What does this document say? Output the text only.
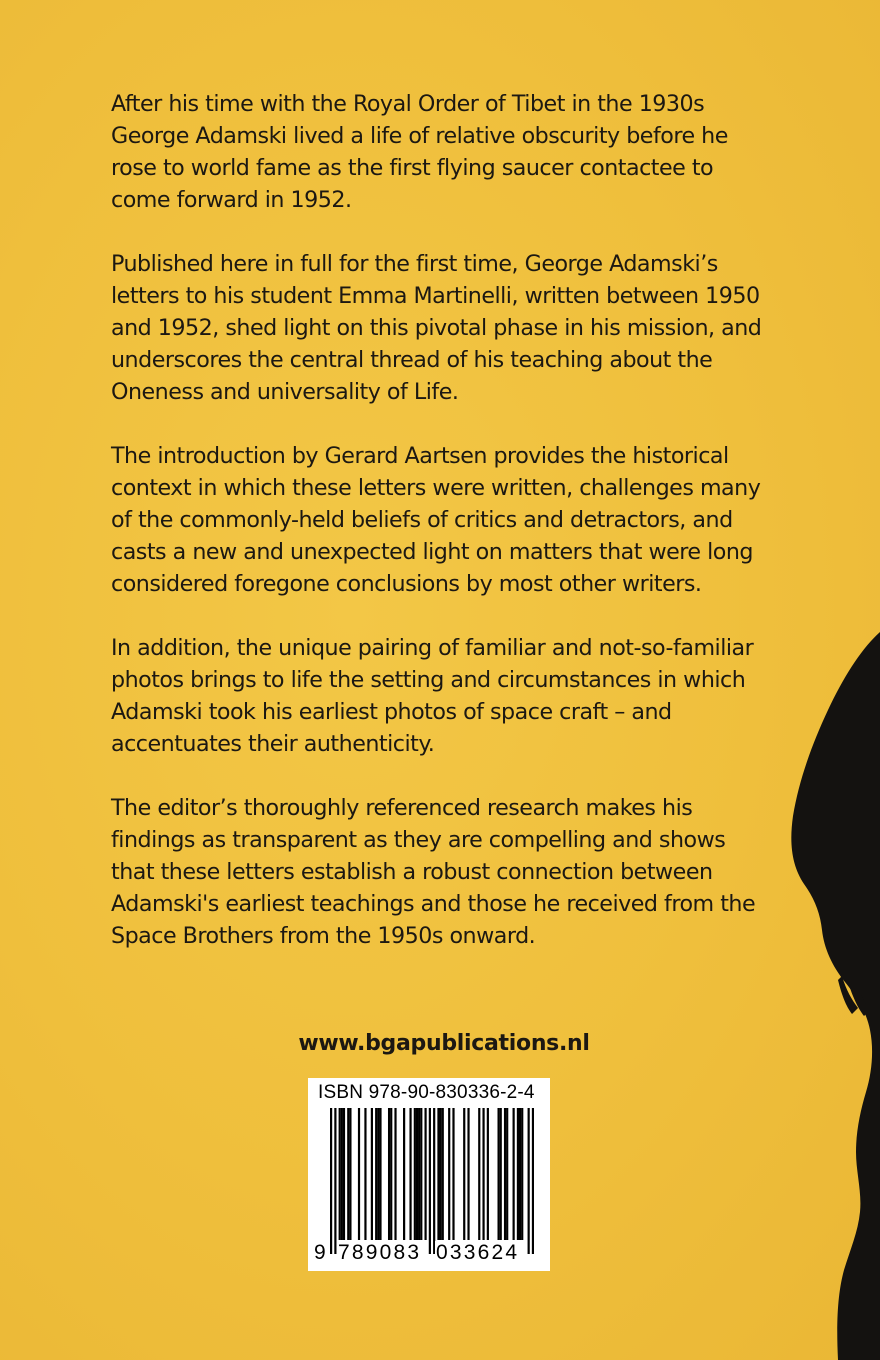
After his time with the Royal Order of Tibet in the 1930s George Adamski lived a life of relative obscurity before he rose to world fame as the first flying saucer contactee to come forward in 1952.

Published here in full for the first time, George Adamski’s letters to his student Emma Martinelli, written between 1950 and 1952, shed light on this pivotal phase in his mission, and underscores the central thread of his teaching about the Oneness and universality of Life.

The introduction by Gerard Aartsen provides the historical context in which these letters were written, challenges many of the commonly-held beliefs of critics and detractors, and casts a new and unexpected light on matters that were long considered foregone conclusions by most other writers.

In addition, the unique pairing of familiar and not-so-familiar photos brings to life the setting and circumstances in which Adamski took his earliest photos of space craft – and accentuates their authenticity.

The editor’s thoroughly referenced research makes his findings as transparent as they are compelling and shows that these letters establish a robust connection between Adamski's earliest teachings and those he received from the Space Brothers from the 1950s onward.

www.bgapublications.nl
ISBN 978-90-830336-2-4
9 789083 033624
